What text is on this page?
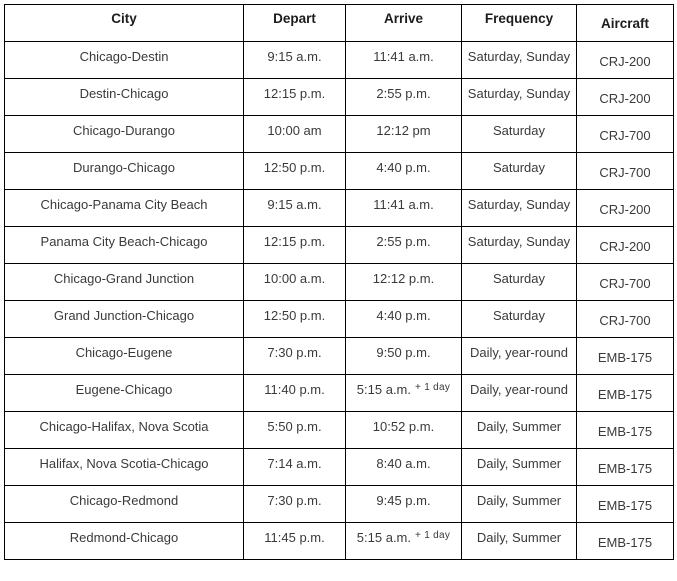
City	Depart	Arrive	Frequency	Aircraft
Chicago-Destin	9:15 a.m.	11:41 a.m.	Saturday, Sunday	CRJ-200
Destin-Chicago	12:15 p.m.	2:55 p.m.	Saturday, Sunday	CRJ-200
Chicago-Durango	10:00 am	12:12 pm	Saturday	CRJ-700
Durango-Chicago	12:50 p.m.	4:40 p.m.	Saturday	CRJ-700
Chicago-Panama City Beach	9:15 a.m.	11:41 a.m.	Saturday, Sunday	CRJ-200
Panama City Beach-Chicago	12:15 p.m.	2:55 p.m.	Saturday, Sunday	CRJ-200
Chicago-Grand Junction	10:00 a.m.	12:12 p.m.	Saturday	CRJ-700
Grand Junction-Chicago	12:50 p.m.	4:40 p.m.	Saturday	CRJ-700
Chicago-Eugene	7:30 p.m.	9:50 p.m.	Daily, year-round	EMB-175
Eugene-Chicago	11:40 p.m.	5:15 a.m. $^{+ 1 day}$	Daily, year-round	EMB-175
Chicago-Halifax, Nova Scotia	5:50 p.m.	10:52 p.m.	Daily, Summer	EMB-175
Halifax, Nova Scotia-Chicago	7:14 a.m.	8:40 a.m.	Daily, Summer	EMB-175
Chicago-Redmond	7:30 p.m.	9:45 p.m.	Daily, Summer	EMB-175
Redmond-Chicago	11:45 p.m.	5:15 a.m. $^{+ 1 day}$	Daily, Summer	EMB-175
